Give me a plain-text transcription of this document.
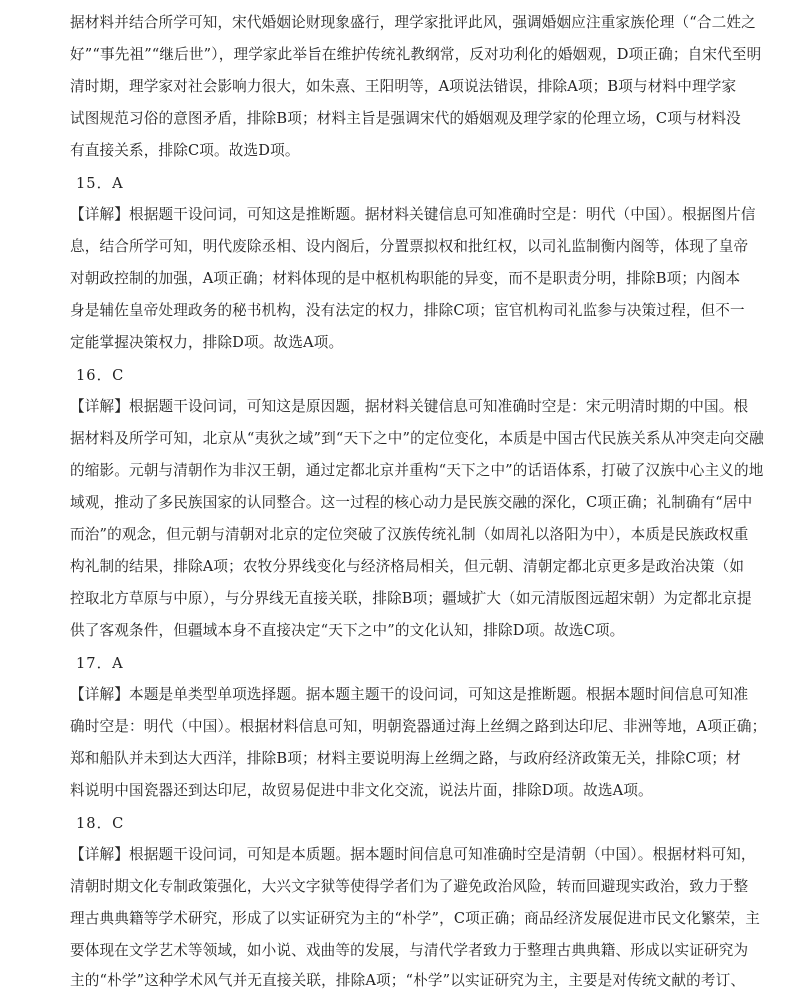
据材料并结合所学可知，宋代婚姻论财现象盛行，理学家批评此风，强调婚姻应注重家族伦理（“合二姓之
好”“事先祖”“继后世”），理学家此举旨在维护传统礼教纲常，反对功利化的婚姻观，D项正确；自宋代至明
清时期，理学家对社会影响力很大，如朱熹、王阳明等，A项说法错误，排除A项；B项与材料中理学家
试图规范习俗的意图矛盾，排除B项；材料主旨是强调宋代的婚姻观及理学家的伦理立场，C项与材料没
有直接关系，排除C项。故选D项。
15．A
【详解】根据题干设问词，可知这是推断题。据材料关键信息可知准确时空是：明代（中国）。根据图片信
息，结合所学可知，明代废除丞相、设内阁后，分置票拟权和批红权，以司礼监制衡内阁等，体现了皇帝
对朝政控制的加强，A项正确；材料体现的是中枢机构职能的异变，而不是职责分明，排除B项；内阁本
身是辅佐皇帝处理政务的秘书机构，没有法定的权力，排除C项；宦官机构司礼监参与决策过程，但不一
定能掌握决策权力，排除D项。故选A项。
16．C
【详解】根据题干设问词，可知这是原因题，据材料关键信息可知准确时空是：宋元明清时期的中国。根
据材料及所学可知，北京从“夷狄之域”到“天下之中”的定位变化，本质是中国古代民族关系从冲突走向交融
的缩影。元朝与清朝作为非汉王朝，通过定都北京并重构“天下之中”的话语体系，打破了汉族中心主义的地
域观，推动了多民族国家的认同整合。这一过程的核心动力是民族交融的深化，C项正确；礼制确有“居中
而治”的观念，但元朝与清朝对北京的定位突破了汉族传统礼制（如周礼以洛阳为中），本质是民族政权重
构礼制的结果，排除A项；农牧分界线变化与经济格局相关，但元朝、清朝定都北京更多是政治决策（如
控取北方草原与中原），与分界线无直接关联，排除B项；疆域扩大（如元清版图远超宋朝）为定都北京提
供了客观条件，但疆域本身不直接决定“天下之中”的文化认知，排除D项。故选C项。
17．A
【详解】本题是单类型单项选择题。据本题主题干的设问词，可知这是推断题。根据本题时间信息可知准
确时空是：明代（中国）。根据材料信息可知，明朝瓷器通过海上丝绸之路到达印尼、非洲等地，A项正确；
郑和船队并未到达大西洋，排除B项；材料主要说明海上丝绸之路，与政府经济政策无关，排除C项；材
料说明中国瓷器还到达印尼，故贸易促进中非文化交流，说法片面，排除D项。故选A项。
18．C
【详解】根据题干设问词，可知是本质题。据本题时间信息可知准确时空是清朝（中国）。根据材料可知，
清朝时期文化专制政策强化，大兴文字狱等使得学者们为了避免政治风险，转而回避现实政治，致力于整
理古典典籍等学术研究，形成了以实证研究为主的“朴学”，C项正确；商品经济发展促进市民文化繁荣，主
要体现在文学艺术等领域，如小说、戏曲等的发展，与清代学者致力于整理古典典籍、形成以实证研究为
主的“朴学”这种学术风气并无直接关联，排除A项；“朴学”以实证研究为主，主要是对传统文献的考订、
